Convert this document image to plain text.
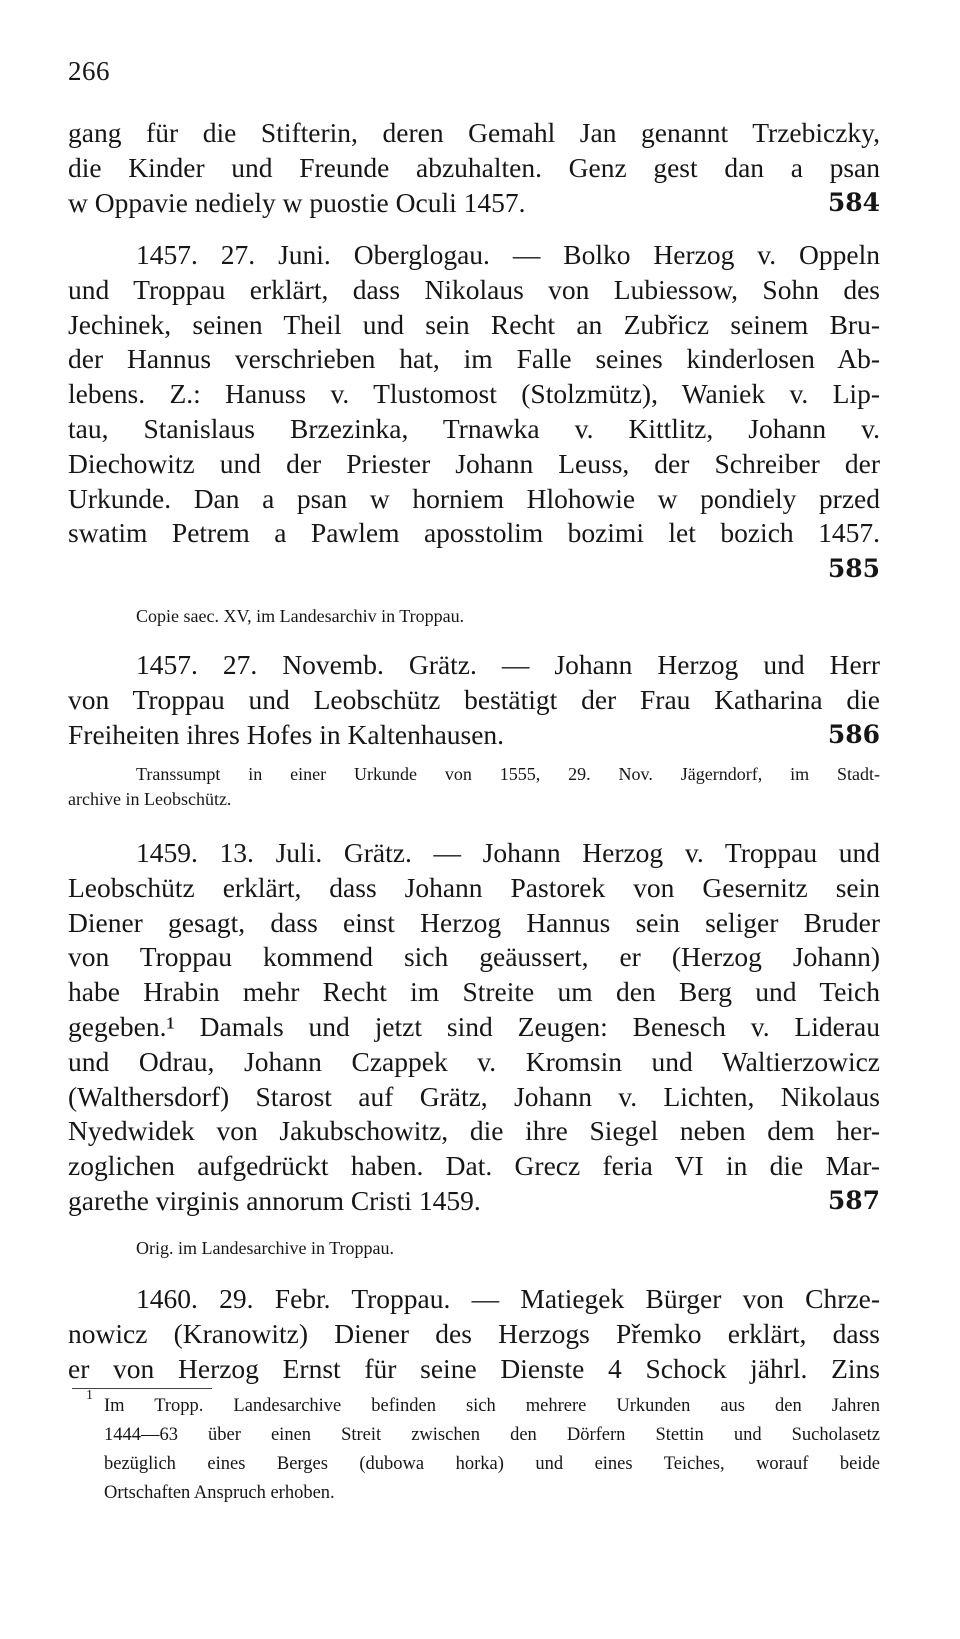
266
gang für die Stifterin, deren Gemahl Jan genannt Trzebiczky,
die Kinder und Freunde abzuhalten. Genz gest dan a psan
w Oppavie nediely w puostie Oculi 1457.	584
1457. 27. Juni. Oberglogau. — Bolko Herzog v. Oppeln
und Troppau erklärt, dass Nikolaus von Lubiessow, Sohn des
Jechinek, seinen Theil und sein Recht an Zubřicz seinem Bru-
der Hannus verschrieben hat, im Falle seines kinderlosen Ab-
lebens. Z.: Hanuss v. Tlustomost (Stolzmütz), Waniek v. Lip-
tau, Stanislaus Brzezinka, Trnawka v. Kittlitz, Johann v.
Diechowitz und der Priester Johann Leuss, der Schreiber der
Urkunde. Dan a psan w horniem Hlohowie w pondiely przed
swatim Petrem a Pawlem aposstolim bozimi let bozich 1457.
585
Copie saec. XV, im Landesarchiv in Troppau.
1457. 27. Novemb. Grätz. — Johann Herzog und Herr
von Troppau und Leobschütz bestätigt der Frau Katharina die
Freiheiten ihres Hofes in Kaltenhausen.	586
Transsumpt in einer Urkunde von 1555, 29. Nov. Jägerndorf, im Stadt-
archive in Leobschütz.
1459. 13. Juli. Grätz. — Johann Herzog v. Troppau und
Leobschütz erklärt, dass Johann Pastorek von Gesernitz sein
Diener gesagt, dass einst Herzog Hannus sein seliger Bruder
von Troppau kommend sich geäussert, er (Herzog Johann)
habe Hrabin mehr Recht im Streite um den Berg und Teich
gegeben.¹ Damals und jetzt sind Zeugen: Benesch v. Liderau
und Odrau, Johann Czappek v. Kromsin und Waltierzowicz
(Walthersdorf) Starost auf Grätz, Johann v. Lichten, Nikolaus
Nyedwidek von Jakubschowitz, die ihre Siegel neben dem her-
zoglichen aufgedrückt haben. Dat. Grecz feria VI in die Mar-
garethe virginis annorum Cristi 1459.	587
Orig. im Landesarchive in Troppau.
1460. 29. Febr. Troppau. — Matiegek Bürger von Chrze-
nowicz (Kranowitz) Diener des Herzogs Přemko erklärt, dass
er von Herzog Ernst für seine Dienste 4 Schock jährl. Zins
1
Im Tropp. Landesarchive befinden sich mehrere Urkunden aus den Jahren
1444—63 über einen Streit zwischen den Dörfern Stettin und Sucholasetz
bezüglich eines Berges (dubowa horka) und eines Teiches, worauf beide
Ortschaften Anspruch erhoben.
